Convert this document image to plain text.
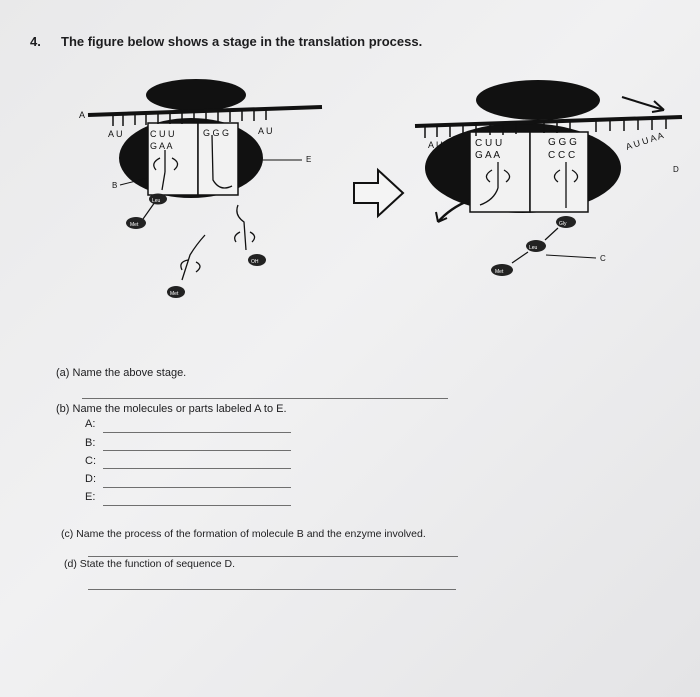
4. The figure below shows a stage in the translation process.
A U	C U U	G G G	A U
G A A
A
B
E
Met
Leu
OH
Met
A U	C U U	G G G	A U U A A
G A A	C C C
D
Gly
Leu
Met
C
(a) Name the above stage.
(b) Name the molecules or parts labeled A to E.
A:
B:
C:
D:
E:
(c) Name the process of the formation of molecule B and the enzyme involved.
(d) State the function of sequence D.
